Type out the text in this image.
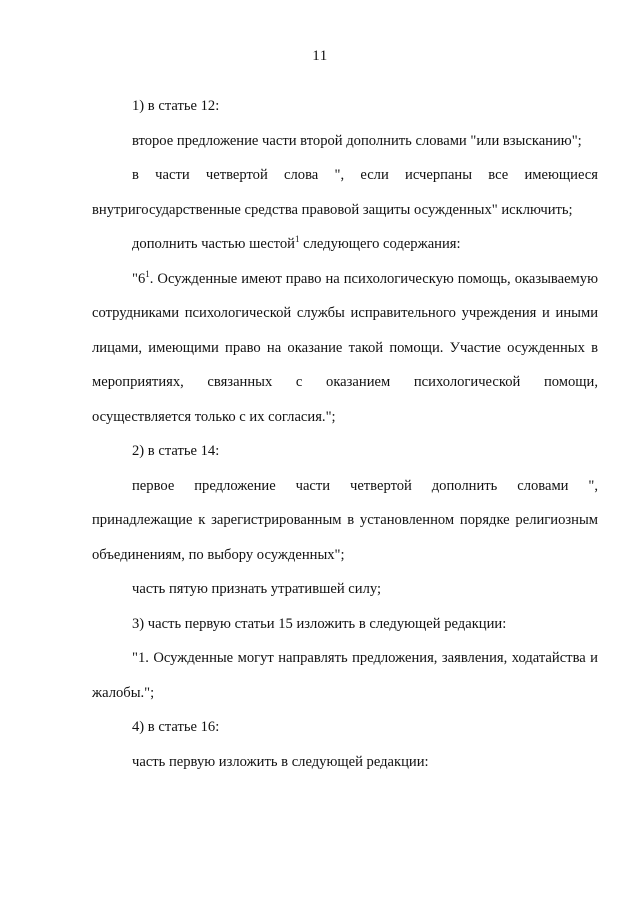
11

1) в статье 12:

второе предложение части второй дополнить словами "или взысканию";

в части четвертой слова ", если исчерпаны все имеющиеся внутригосударственные средства правовой защиты осужденных" исключить;

дополнить частью шестой$^1$ следующего содержания:

"$6^1$. Осужденные имеют право на психологическую помощь, оказываемую сотрудниками психологической службы исправительного учреждения и иными лицами, имеющими право на оказание такой помощи. Участие осужденных в мероприятиях, связанных с оказанием психологической помощи, осуществляется только с их согласия.";

2) в статье 14:

первое предложение части четвертой дополнить словами ", принадлежащие к зарегистрированным в установленном порядке религиозным объединениям, по выбору осужденных";

часть пятую признать утратившей силу;

3) часть первую статьи 15 изложить в следующей редакции:

"1. Осужденные могут направлять предложения, заявления, ходатайства и жалобы.";

4) в статье 16:

часть первую изложить в следующей редакции:
